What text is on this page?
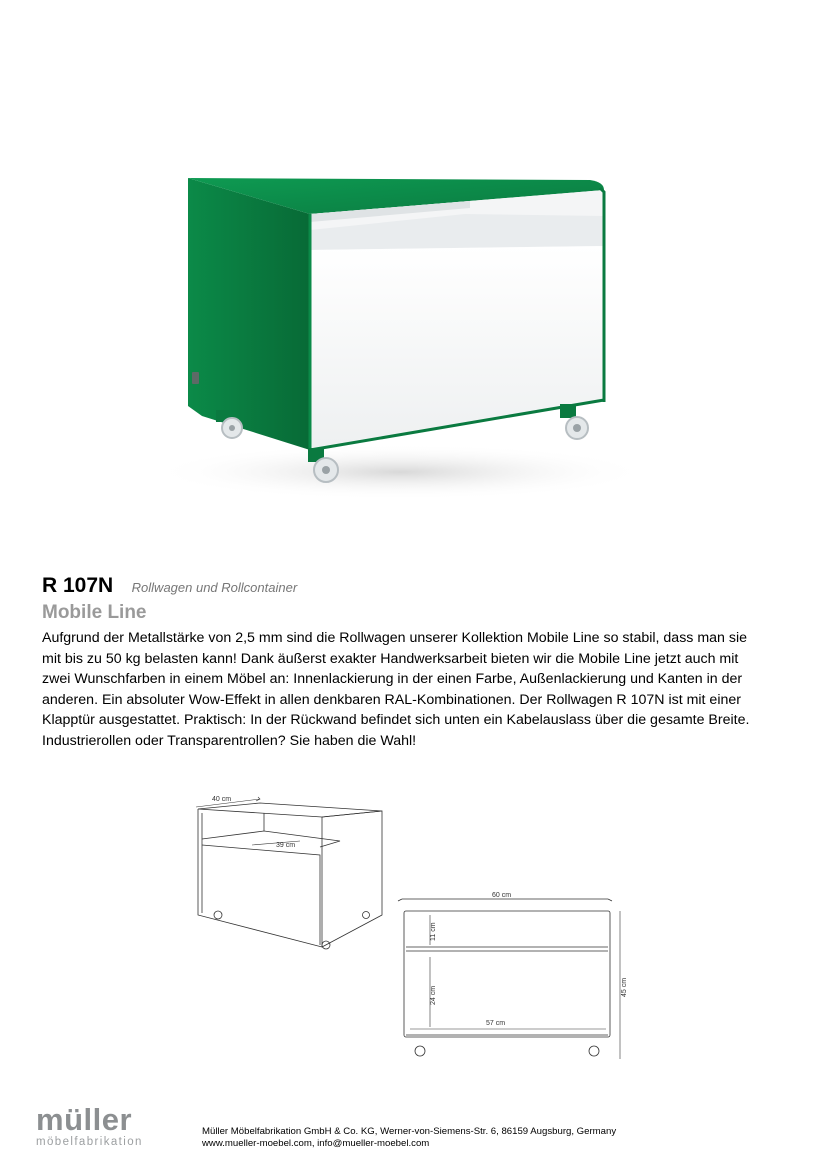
R 107N Rollwagen und Rollcontainer
Mobile Line
Aufgrund der Metallstärke von 2,5 mm sind die Rollwagen unserer Kollektion Mobile Line so stabil, dass man sie
mit bis zu 50 kg belasten kann! Dank äußerst exakter Handwerksarbeit bieten wir die Mobile Line jetzt auch mit
zwei Wunschfarben in einem Möbel an: Innenlackierung in der einen Farbe, Außenlackierung und Kanten in der
anderen. Ein absoluter Wow-Effekt in allen denkbaren RAL-Kombinationen. Der Rollwagen R 107N ist mit einer
Klapptür ausgestattet. Praktisch: In der Rückwand befindet sich unten ein Kabelauslass über die gesamte Breite.
Industrierollen oder Transparentrollen? Sie haben die Wahl!
40 cm
39 cm
60 cm
11 cm
24 cm	45 cm
57 cm
müller
möbelfabrikation
Müller Möbelfabrikation GmbH & Co. KG, Werner-von-Siemens-Str. 6, 86159 Augsburg, Germany
www.mueller-moebel.com, info@mueller-moebel.com
